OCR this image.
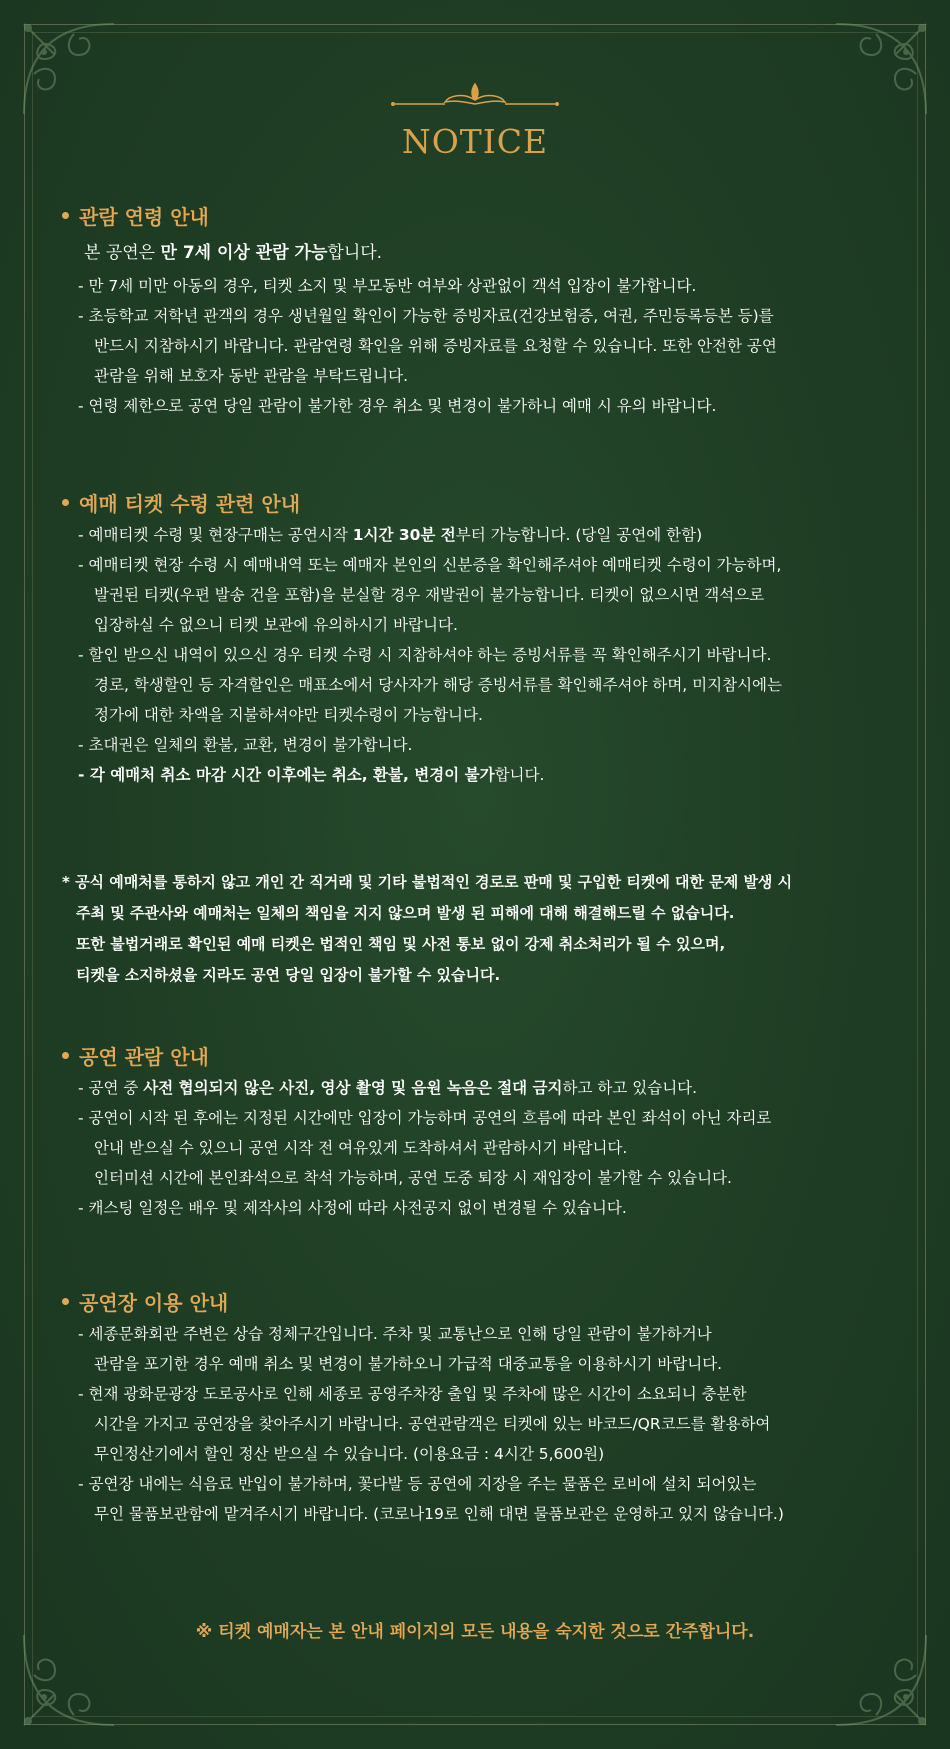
NOTICE
관람 연령 안내
본 공연은 만 7세 이상 관람 가능합니다.
- 만 7세 미만 아동의 경우, 티켓 소지 및 부모동반 여부와 상관없이 객석 입장이 불가합니다.
- 초등학교 저학년 관객의 경우 생년월일 확인이 가능한 증빙자료(건강보험증, 여권, 주민등록등본 등)를
반드시 지참하시기 바랍니다. 관람연령 확인을 위해 증빙자료를 요청할 수 있습니다. 또한 안전한 공연
관람을 위해 보호자 동반 관람을 부탁드립니다.
- 연령 제한으로 공연 당일 관람이 불가한 경우 취소 및 변경이 불가하니 예매 시 유의 바랍니다.
예매 티켓 수령 관련 안내
- 예매티켓 수령 및 현장구매는 공연시작 1시간 30분 전부터 가능합니다. (당일 공연에 한함)
- 예매티켓 현장 수령 시 예매내역 또는 예매자 본인의 신분증을 확인해주셔야 예매티켓 수령이 가능하며,
발권된 티켓(우편 발송 건을 포함)을 분실할 경우 재발권이 불가능합니다. 티켓이 없으시면 객석으로
입장하실 수 없으니 티켓 보관에 유의하시기 바랍니다.
- 할인 받으신 내역이 있으신 경우 티켓 수령 시 지참하셔야 하는 증빙서류를 꼭 확인해주시기 바랍니다.
경로, 학생할인 등 자격할인은 매표소에서 당사자가 해당 증빙서류를 확인해주셔야 하며, 미지참시에는
정가에 대한 차액을 지불하셔야만 티켓수령이 가능합니다.
- 초대권은 일체의 환불, 교환, 변경이 불가합니다.
- 각 예매처 취소 마감 시간 이후에는 취소, 환불, 변경이 불가합니다.
* 공식 예매처를 통하지 않고 개인 간 직거래 및 기타 불법적인 경로로 판매 및 구입한 티켓에 대한 문제 발생 시
주최 및 주관사와 예매처는 일체의 책임을 지지 않으며 발생 된 피해에 대해 해결해드릴 수 없습니다.
또한 불법거래로 확인된 예매 티켓은 법적인 책임 및 사전 통보 없이 강제 취소처리가 될 수 있으며,
티켓을 소지하셨을 지라도 공연 당일 입장이 불가할 수 있습니다.
공연 관람 안내
- 공연 중 사전 협의되지 않은 사진, 영상 촬영 및 음원 녹음은 절대 금지하고 하고 있습니다.
- 공연이 시작 된 후에는 지정된 시간에만 입장이 가능하며 공연의 흐름에 따라 본인 좌석이 아닌 자리로
안내 받으실 수 있으니 공연 시작 전 여유있게 도착하셔서 관람하시기 바랍니다.
인터미션 시간에 본인좌석으로 착석 가능하며, 공연 도중 퇴장 시 재입장이 불가할 수 있습니다.
- 캐스팅 일정은 배우 및 제작사의 사정에 따라 사전공지 없이 변경될 수 있습니다.
공연장 이용 안내
- 세종문화회관 주변은 상습 정체구간입니다. 주차 및 교통난으로 인해 당일 관람이 불가하거나
관람을 포기한 경우 예매 취소 및 변경이 불가하오니 가급적 대중교통을 이용하시기 바랍니다.
- 현재 광화문광장 도로공사로 인해 세종로 공영주차장 출입 및 주차에 많은 시간이 소요되니 충분한
시간을 가지고 공연장을 찾아주시기 바랍니다. 공연관람객은 티켓에 있는 바코드/QR코드를 활용하여
무인정산기에서 할인 정산 받으실 수 있습니다. (이용요금 : 4시간 5,600원)
- 공연장 내에는 식음료 반입이 불가하며, 꽃다발 등 공연에 지장을 주는 물품은 로비에 설치 되어있는
무인 물품보관함에 맡겨주시기 바랍니다. (코로나19로 인해 대면 물품보관은 운영하고 있지 않습니다.)
※ 티켓 예매자는 본 안내 페이지의 모든 내용을 숙지한 것으로 간주합니다.
